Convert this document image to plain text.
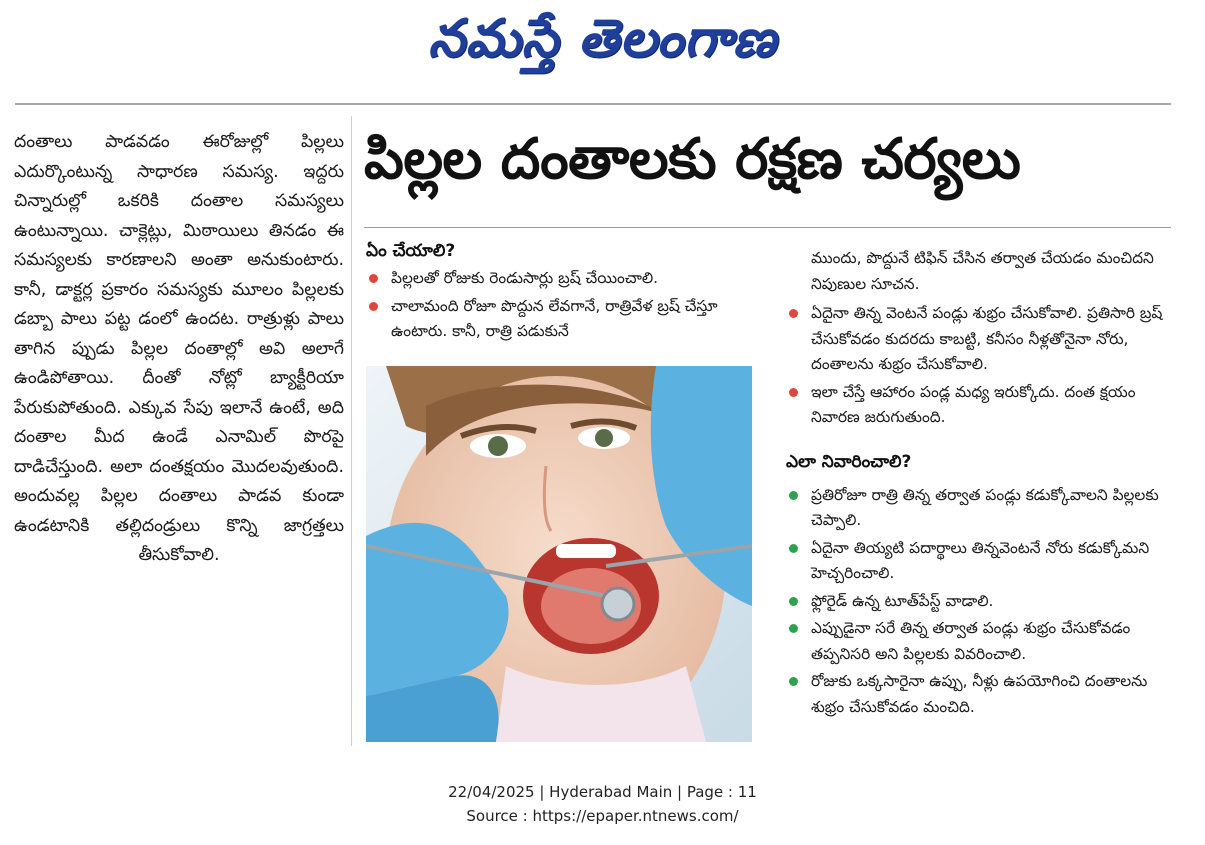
నమస్తే తెలంగాణ
దంతాలు పాడవడం ఈరోజుల్లో పిల్లలు ఎదుర్కొంటున్న సాధారణ సమస్య. ఇద్దరు చిన్నారుల్లో ఒకరికి దంతాల సమస్యలు ఉంటున్నాయి. చాక్లెట్లు, మిఠాయిలు తినడం ఈ సమస్యలకు కారణాలని అంతా అనుకుంటారు. కానీ, డాక్టర్ల ప్రకారం సమస్యకు మూలం పిల్లలకు డబ్బా పాలు పట్ట డంలో ఉందట. రాత్రుళ్లు పాలు తాగిన ప్పుడు పిల్లల దంతాల్లో అవి అలాగే ఉండిపోతాయి. దీంతో నోట్లో బ్యాక్టీరియా పేరుకుపోతుంది. ఎక్కువ సేపు ఇలానే ఉంటే, అది దంతాల మీద ఉండే ఎనామిల్ పొరపై దాడిచేస్తుంది. అలా దంతక్షయం మొదలవుతుంది. అందువల్ల పిల్లల దంతాలు పాడవ కుండా ఉండటానికి తల్లిదండ్రులు కొన్ని జాగ్రత్తలు తీసుకోవాలి.
పిల్లల దంతాలకు రక్షణ చర్యలు
ఏం చేయాలి?
పిల్లలతో రోజుకు రెండుసార్లు బ్రష్ చేయించాలి.
చాలామంది రోజూ పొద్దున లేవగానే, రాత్రివేళ బ్రష్ చేస్తూ ఉంటారు. కానీ, రాత్రి పడుకునే
ముందు, పొద్దునే టిఫిన్ చేసిన తర్వాత చేయడం మంచిదని నిపుణుల సూచన.
ఏదైనా తిన్న వెంటనే పండ్లు శుభ్రం చేసుకోవాలి. ప్రతిసారి బ్రష్ చేసుకోవడం కుదరదు కాబట్టి, కనీసం నీళ్లతోనైనా నోరు, దంతాలను శుభ్రం చేసుకోవాలి.
ఇలా చేస్తే ఆహారం పండ్ల మధ్య ఇరుక్కోదు. దంత క్షయం నివారణ జరుగుతుంది.
ఎలా నివారించాలి?
ప్రతిరోజూ రాత్రి తిన్న తర్వాత పండ్లు కడుక్కోవాలని పిల్లలకు చెప్పాలి.
ఏదైనా తియ్యటి పదార్థాలు తిన్నవెంటనే నోరు కడుక్కోమని హెచ్చరించాలి.
ఫ్లోరైడ్ ఉన్న టూత్‌పేస్ట్ వాడాలి.
ఎప్పుడైనా సరే తిన్న తర్వాత పండ్లు శుభ్రం చేసుకోవడం తప్పనిసరి అని పిల్లలకు వివరించాలి.
రోజుకు ఒక్కసారైనా ఉప్పు, నీళ్లు ఉపయోగించి దంతాలను శుభ్రం చేసుకోవడం మంచిది.
22/04/2025 | Hyderabad Main | Page : 11
Source : https://epaper.ntnews.com/
